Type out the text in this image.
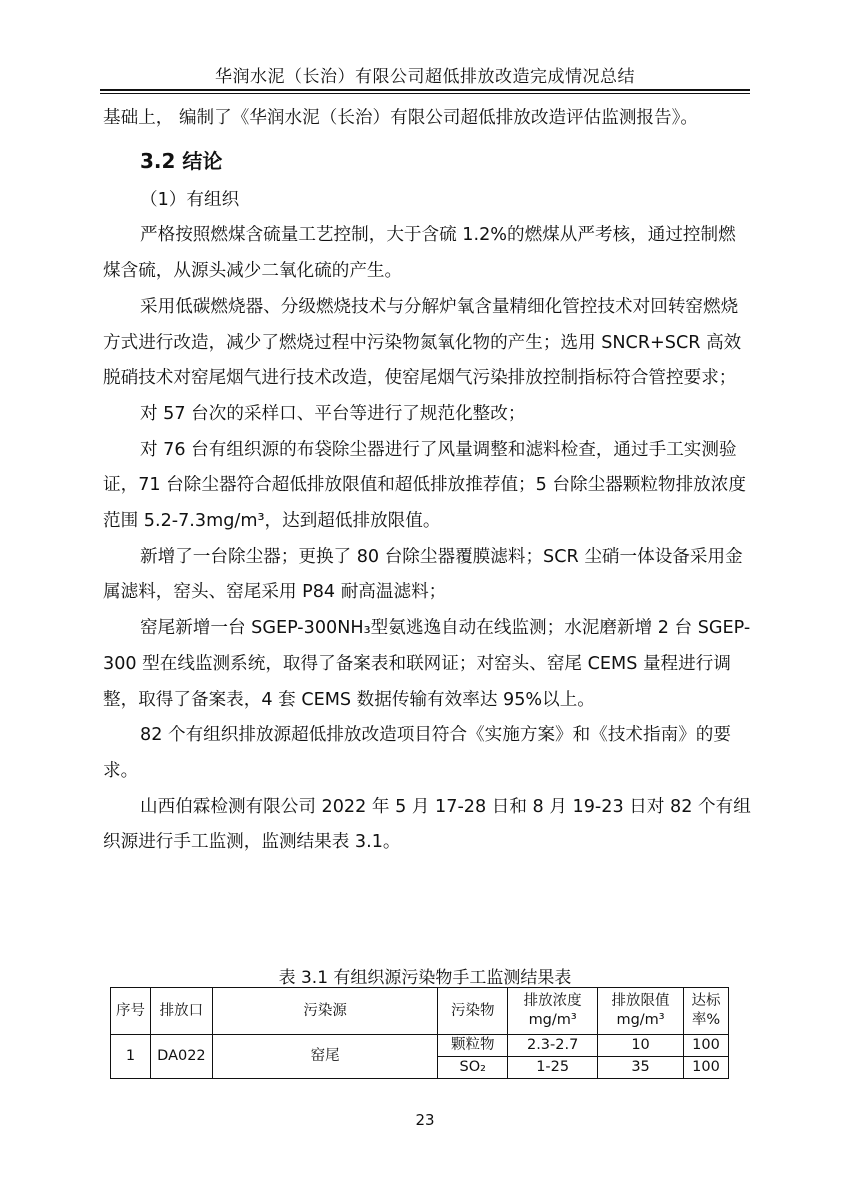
华润水泥（长治）有限公司超低排放改造完成情况总结

基础上， 编制了《华润水泥（长治）有限公司超低排放改造评估监测报告》。

3.2 结论

（1）有组织

严格按照燃煤含硫量工艺控制，大于含硫 1.2%的燃煤从严考核，通过控制燃煤含硫，从源头减少二氧化硫的产生。

采用低碳燃烧器、分级燃烧技术与分解炉氧含量精细化管控技术对回转窑燃烧方式进行改造，减少了燃烧过程中污染物氮氧化物的产生；选用 SNCR+SCR 高效脱硝技术对窑尾烟气进行技术改造，使窑尾烟气污染排放控制指标符合管控要求；

对 57 台次的采样口、平台等进行了规范化整改；

对 76 台有组织源的布袋除尘器进行了风量调整和滤料检查，通过手工实测验证，71 台除尘器符合超低排放限值和超低排放推荐值；5 台除尘器颗粒物排放浓度范围 5.2-7.3mg/m³，达到超低排放限值。

新增了一台除尘器；更换了 80 台除尘器覆膜滤料；SCR 尘硝一体设备采用金属滤料，窑头、窑尾采用 P84 耐高温滤料；

窑尾新增一台 SGEP-300NH₃型氨逃逸自动在线监测；水泥磨新增 2 台 SGEP-300 型在线监测系统，取得了备案表和联网证；对窑头、窑尾 CEMS 量程进行调整，取得了备案表，4 套 CEMS 数据传输有效率达 95%以上。

82 个有组织排放源超低排放改造项目符合《实施方案》和《技术指南》的要求。

山西伯霖检测有限公司 2022 年 5 月 17-28 日和 8 月 19-23 日对 82 个有组织源进行手工监测，监测结果表 3.1。

表 3.1 有组织源污染物手工监测结果表
序号	排放口	污染源	污染物	排放浓度mg/m³	排放限值mg/m³	达标率%
1	DA022	窑尾	颗粒物	2.3-2.7	10	100
			SO₂	1-25	35	100
23
